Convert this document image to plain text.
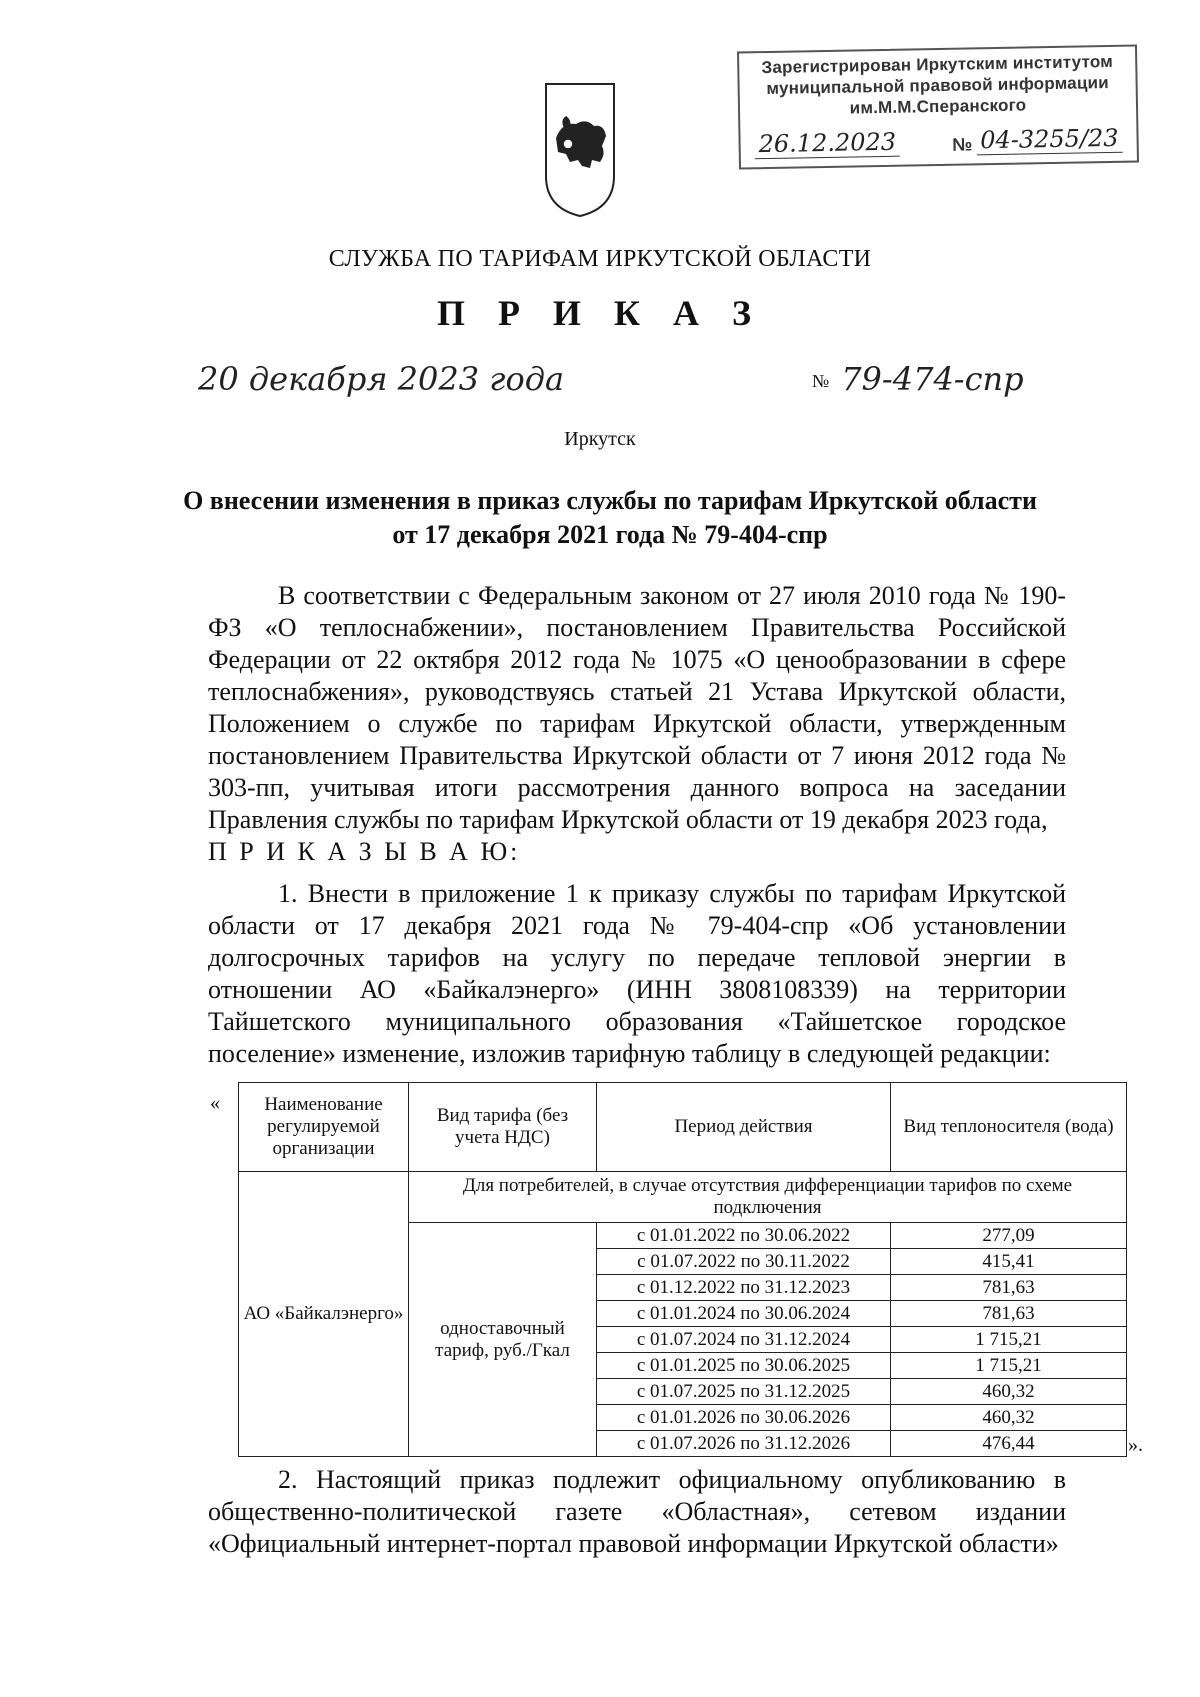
Зарегистрирован Иркутским институтом
муниципальной правовой информации
им.М.М.Сперанского
26.12.2023	№ 04-3255/23
СЛУЖБА ПО ТАРИФАМ ИРКУТСКОЙ ОБЛАСТИ
П Р И К А З
20 декабря 2023 года	№ 79-474-спр
Иркутск
О внесении изменения в приказ службы по тарифам Иркутской области
от 17 декабря 2021 года № 79-404-спр
В соответствии с Федеральным законом от 27 июля 2010 года № 190-ФЗ «О теплоснабжении», постановлением Правительства Российской Федерации от 22 октября 2012 года № 1075 «О ценообразовании в сфере теплоснабжения», руководствуясь статьей 21 Устава Иркутской области, Положением о службе по тарифам Иркутской области, утвержденным постановлением Правительства Иркутской области от 7 июня 2012 года № 303-пп, учитывая итоги рассмотрения данного вопроса на заседании Правления службы по тарифам Иркутской области от 19 декабря 2023 года,
П Р И К А З Ы В А Ю:
1. Внести в приложение 1 к приказу службы по тарифам Иркутской области от 17 декабря 2021 года № 79-404-спр «Об установлении долгосрочных тарифов на услугу по передаче тепловой энергии в отношении АО «Байкалэнерго» (ИНН 3808108339) на территории Тайшетского муниципального образования «Тайшетское городское поселение» изменение, изложив тарифную таблицу в следующей редакции:
« Наименование регулируемой организации	Вид тарифа (без учета НДС)	Период действия	Вид теплоносителя (вода)
АО «Байкалэнерго»	Для потребителей, в случае отсутствия дифференциации тарифов по схеме подключения		
	одноставочный тариф, руб./Гкал	с 01.01.2022 по 30.06.2022	277,09
		с 01.07.2022 по 30.11.2022	415,41
		с 01.12.2022 по 31.12.2023	781,63
		с 01.01.2024 по 30.06.2024	781,63
		с 01.07.2024 по 31.12.2024	1 715,21
		с 01.01.2025 по 30.06.2025	1 715,21
		с 01.07.2025 по 31.12.2025	460,32
		с 01.01.2026 по 30.06.2026	460,32
		с 01.07.2026 по 31.12.2026	476,44	».
2. Настоящий приказ подлежит официальному опубликованию в общественно-политической газете «Областная», сетевом издании «Официальный интернет-портал правовой информации Иркутской области»
